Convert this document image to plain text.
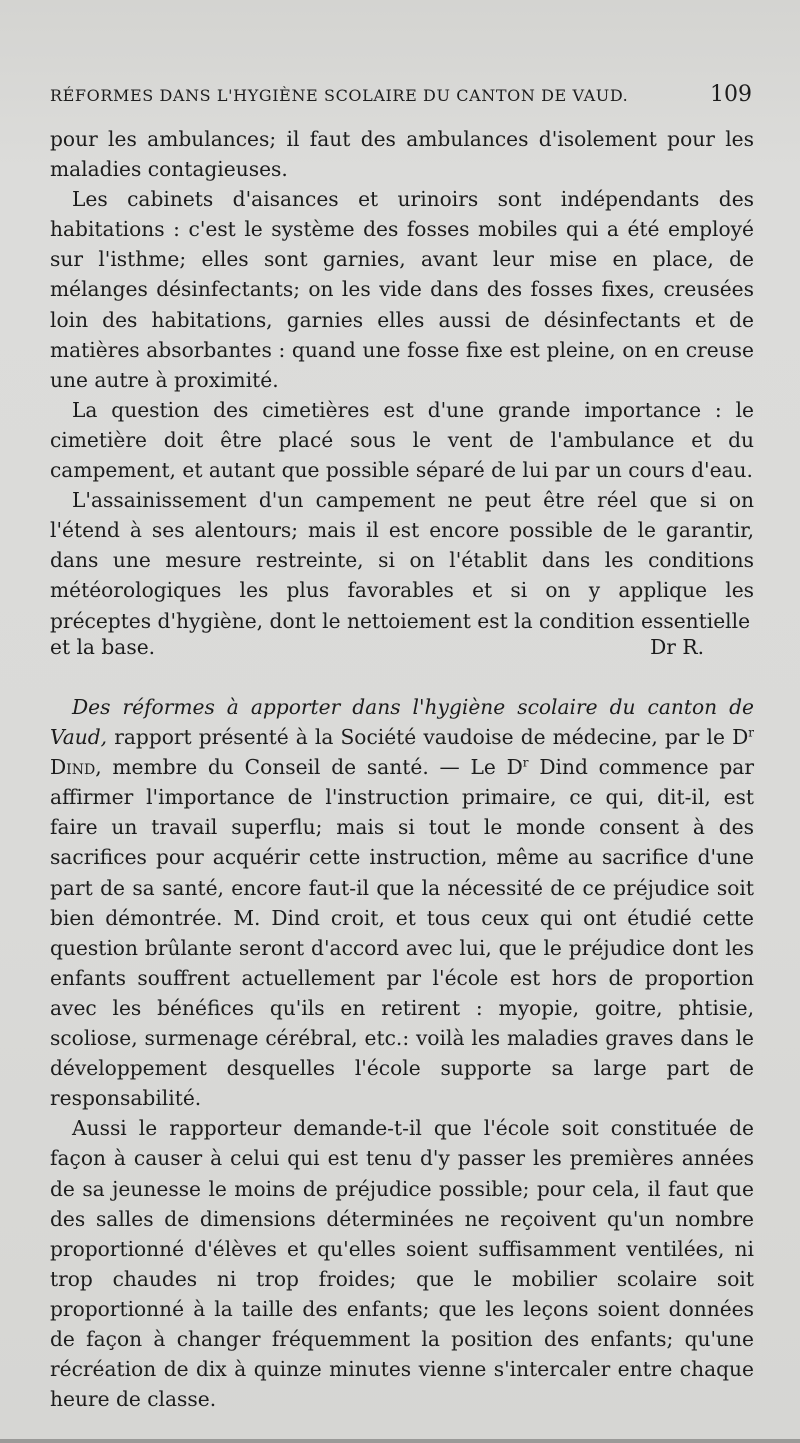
RÉFORMES DANS L'HYGIÈNE SCOLAIRE DU CANTON DE VAUD.	109

pour les ambulances; il faut des ambulances d'isolement pour les maladies contagieuses.

Les cabinets d'aisances et urinoirs sont indépendants des habitations : c'est le système des fosses mobiles qui a été employé sur l'isthme; elles sont garnies, avant leur mise en place, de mélanges désinfectants; on les vide dans des fosses fixes, creusées loin des habitations, garnies elles aussi de désinfectants et de matières absorbantes : quand une fosse fixe est pleine, on en creuse une autre à proximité.

La question des cimetières est d'une grande importance : le cimetière doit être placé sous le vent de l'ambulance et du campement, et autant que possible séparé de lui par un cours d'eau.

L'assainissement d'un campement ne peut être réel que si on l'étend à ses alentours; mais il est encore possible de le garantir, dans une mesure restreinte, si on l'établit dans les conditions météorologiques les plus favorables et si on y applique les préceptes d'hygiène, dont le nettoiement est la condition essentielle

et la base.	Dr R.

Des réformes à apporter dans l'hygiène scolaire du canton de Vaud, rapport présenté à la Société vaudoise de médecine, par le $D^r$ Dind, membre du Conseil de santé. — Le $D^r$ Dind commence par affirmer l'importance de l'instruction primaire, ce qui, dit-il, est faire un travail superflu; mais si tout le monde consent à des sacrifices pour acquérir cette instruction, même au sacrifice d'une part de sa santé, encore faut-il que la nécessité de ce préjudice soit bien démontrée. M. Dind croit, et tous ceux qui ont étudié cette question brûlante seront d'accord avec lui, que le préjudice dont les enfants souffrent actuellement par l'école est hors de proportion avec les bénéfices qu'ils en retirent : myopie, goitre, phtisie, scoliose, surmenage cérébral, etc.: voilà les maladies graves dans le développement desquelles l'école supporte sa large part de responsabilité.

Aussi le rapporteur demande-t-il que l'école soit constituée de façon à causer à celui qui est tenu d'y passer les premières années de sa jeunesse le moins de préjudice possible; pour cela, il faut que des salles de dimensions déterminées ne reçoivent qu'un nombre proportionné d'élèves et qu'elles soient suffisamment ventilées, ni trop chaudes ni trop froides; que le mobilier scolaire soit proportionné à la taille des enfants; que les leçons soient données de façon à changer fréquemment la position des enfants; qu'une récréation de dix à quinze minutes vienne s'intercaler entre chaque heure de classe.
